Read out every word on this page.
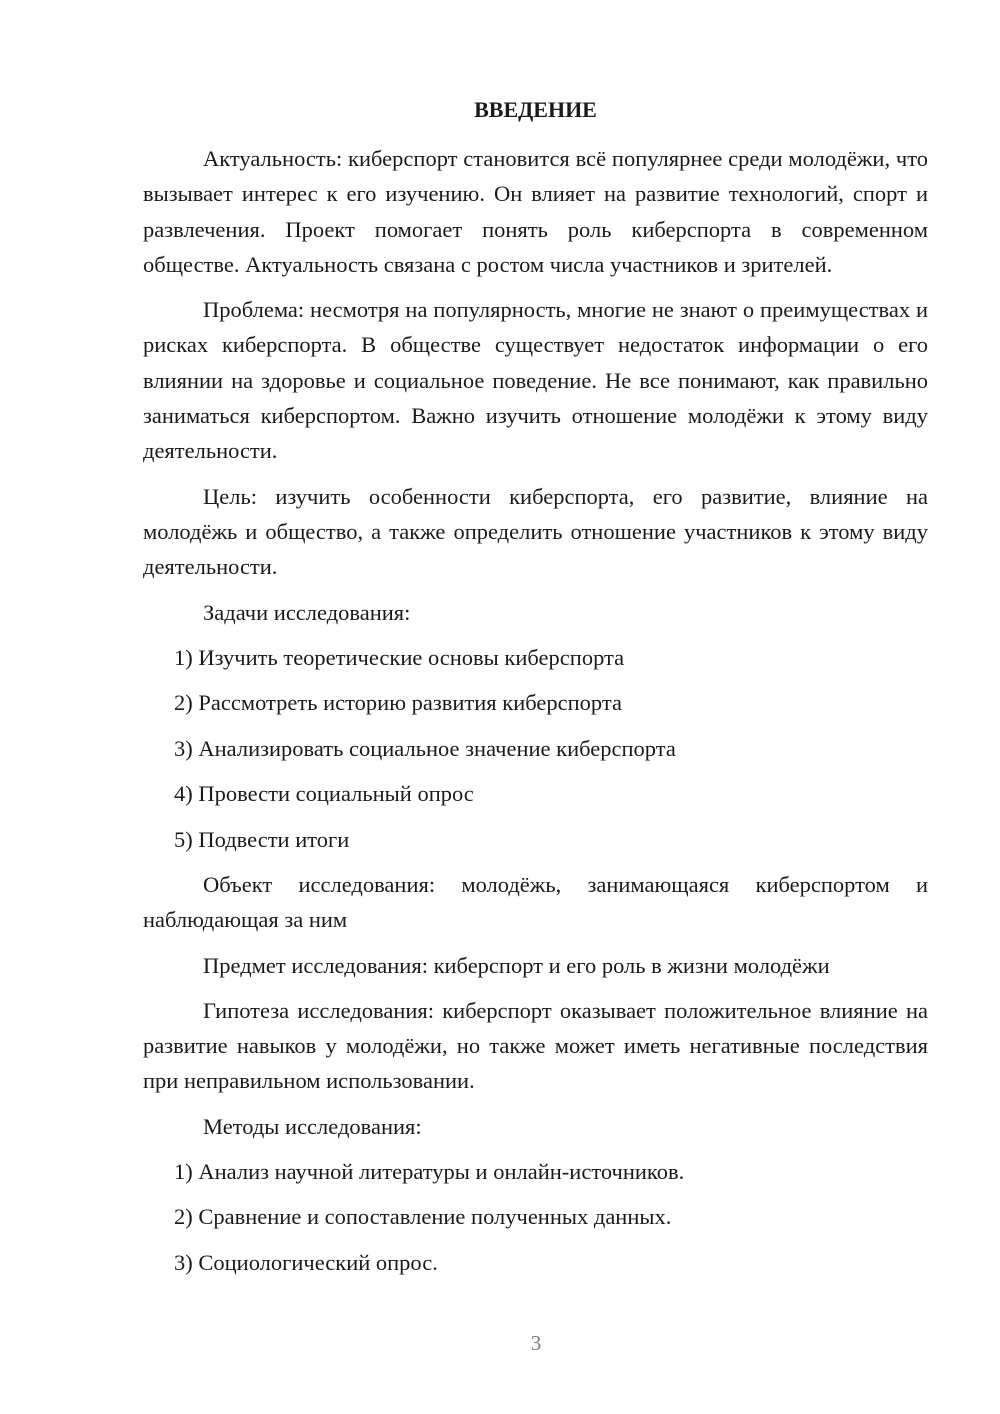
ВВЕДЕНИЕ

Актуальность: киберспорт становится всё популярнее среди молодёжи, что вызывает интерес к его изучению. Он влияет на развитие технологий, спорт и развлечения. Проект помогает понять роль киберспорта в современном обществе. Актуальность связана с ростом числа участников и зрителей.

Проблема: несмотря на популярность, многие не знают о преимуществах и рисках киберспорта. В обществе существует недостаток информации о его влиянии на здоровье и социальное поведение. Не все понимают, как правильно заниматься киберспортом. Важно изучить отношение молодёжи к этому виду деятельности.

Цель: изучить особенности киберспорта, его развитие, влияние на молодёжь и общество, а также определить отношение участников к этому виду деятельности.

Задачи исследования:

1) Изучить теоретические основы киберспорта

2) Рассмотреть историю развития киберспорта

3) Анализировать социальное значение киберспорта

4) Провести социальный опрос

5) Подвести итоги

Объект исследования: молодёжь, занимающаяся киберспортом и наблюдающая за ним

Предмет исследования: киберспорт и его роль в жизни молодёжи

Гипотеза исследования: киберспорт оказывает положительное влияние на развитие навыков у молодёжи, но также может иметь негативные последствия при неправильном использовании.

Методы исследования:

1) Анализ научной литературы и онлайн-источников.

2) Сравнение и сопоставление полученных данных.

3) Социологический опрос.

3
